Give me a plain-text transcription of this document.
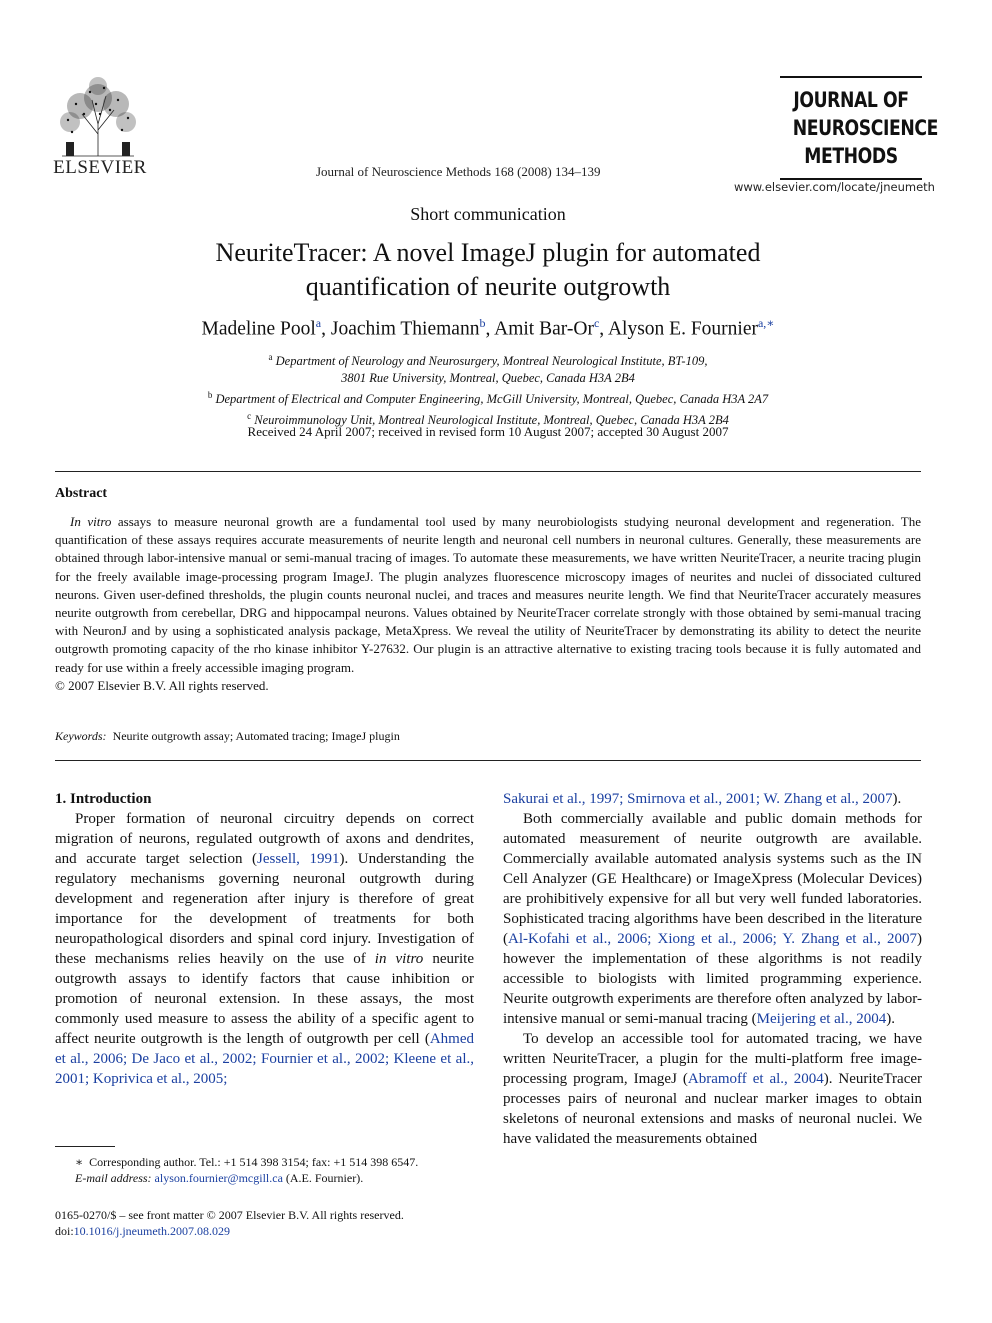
ELSEVIER	Journal of Neuroscience Methods 168 (2008) 134–139
JOURNAL OF
NEUROSCIENCE
METHODS
www.elsevier.com/locate/jneumeth
Short communication
NeuriteTracer: A novel ImageJ plugin for automated
quantification of neurite outgrowth
Madeline Pool$^a$, Joachim Thiemann$^b$, Amit Bar-Or$^c$, Alyson E. Fournier$^{a,∗}$
$^a$ Department of Neurology and Neurosurgery, Montreal Neurological Institute, BT-109,
3801 Rue University, Montreal, Quebec, Canada H3A 2B4
$^b$ Department of Electrical and Computer Engineering, McGill University, Montreal, Quebec, Canada H3A 2A7
$^c$ Neuroimmunology Unit, Montreal Neurological Institute, Montreal, Quebec, Canada H3A 2B4
Received 24 April 2007; received in revised form 10 August 2007; accepted 30 August 2007
Abstract

In vitro assays to measure neuronal growth are a fundamental tool used by many neurobiologists studying neuronal development and regeneration. The quantification of these assays requires accurate measurements of neurite length and neuronal cell numbers in neuronal cultures. Generally, these measurements are obtained through labor-intensive manual or semi-manual tracing of images. To automate these measurements, we have written NeuriteTracer, a neurite tracing plugin for the freely available image-processing program ImageJ. The plugin analyzes fluorescence microscopy images of neurites and nuclei of dissociated cultured neurons. Given user-defined thresholds, the plugin counts neuronal nuclei, and traces and measures neurite length. We find that NeuriteTracer accurately measures neurite outgrowth from cerebellar, DRG and hippocampal neurons. Values obtained by NeuriteTracer correlate strongly with those obtained by semi-manual tracing with NeuronJ and by using a sophisticated analysis package, MetaXpress. We reveal the utility of NeuriteTracer by demonstrating its ability to detect the neurite outgrowth promoting capacity of the rho kinase inhibitor Y-27632. Our plugin is an attractive alternative to existing tracing tools because it is fully automated and ready for use within a freely accessible imaging program.

© 2007 Elsevier B.V. All rights reserved.

Keywords: Neurite outgrowth assay; Automated tracing; ImageJ plugin

1. Introduction

Proper formation of neuronal circuitry depends on correct migration of neurons, regulated outgrowth of axons and dendrites, and accurate target selection (Jessell, 1991). Understanding the regulatory mechanisms governing neuronal outgrowth during development and regeneration after injury is therefore of great importance for the development of treatments for both neuropathological disorders and spinal cord injury. Investigation of these mechanisms relies heavily on the use of in vitro neurite outgrowth assays to identify factors that cause inhibition or promotion of neuronal extension. In these assays, the most commonly used measure to assess the ability of a specific agent to affect neurite outgrowth is the length of outgrowth per cell (Ahmed et al., 2006; De Jaco et al., 2002; Fournier et al., 2002; Kleene et al., 2001; Koprivica et al., 2005;

Sakurai et al., 1997; Smirnova et al., 2001; W. Zhang et al., 2007).

Both commercially available and public domain methods for automated measurement of neurite outgrowth are available. Commercially available automated analysis systems such as the IN Cell Analyzer (GE Healthcare) or ImageXpress (Molecular Devices) are prohibitively expensive for all but very well funded laboratories. Sophisticated tracing algorithms have been described in the literature (Al-Kofahi et al., 2006; Xiong et al., 2006; Y. Zhang et al., 2007) however the implementation of these algorithms is not readily accessible to biologists with limited programming experience. Neurite outgrowth experiments are therefore often analyzed by labor-intensive manual or semi-manual tracing (Meijering et al., 2004).

To develop an accessible tool for automated tracing, we have written NeuriteTracer, a plugin for the multi-platform free image-processing program, ImageJ (Abramoff et al., 2004). NeuriteTracer processes pairs of neuronal and nuclear marker images to obtain skeletons of neuronal extensions and masks of neuronal nuclei. We have validated the measurements obtained

∗ Corresponding author. Tel.: +1 514 398 3154; fax: +1 514 398 6547.
E-mail address: alyson.fournier@mcgill.ca (A.E. Fournier).
0165-0270/$ – see front matter © 2007 Elsevier B.V. All rights reserved.
doi:10.1016/j.jneumeth.2007.08.029
